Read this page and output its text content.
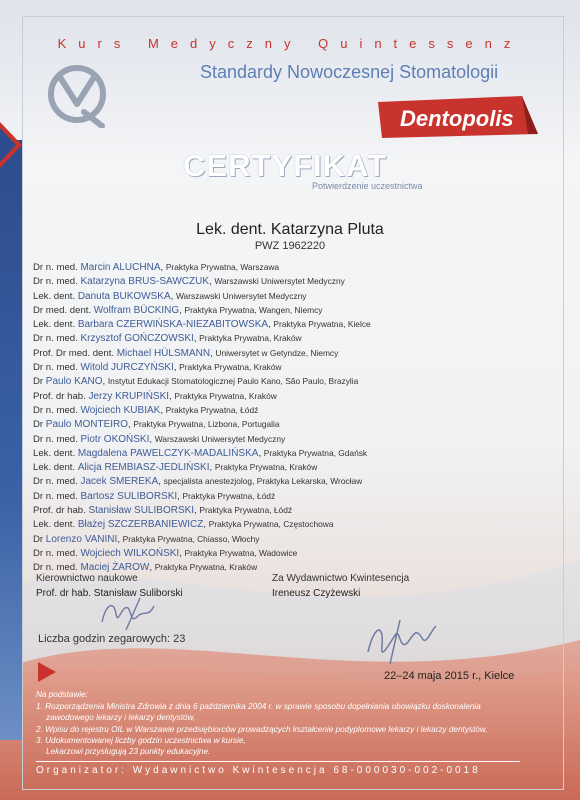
Kurs Medyczny Quintessenz
Standardy Nowoczesnej Stomatologii
Dentopolis
CERTYFIKAT
Potwierdzenie uczestnictwa
Lek. dent. Katarzyna Pluta
PWZ 1962220
Dr n. med. Marcin ALUCHNA, Praktyka Prywatna, Warszawa
Dr n. med. Katarzyna BRUS-SAWCZUK, Warszawski Uniwersytet Medyczny
Lek. dent. Danuta BUKOWSKA, Warszawski Uniwersytet Medyczny
Dr med. dent. Wolfram BÜCKING, Praktyka Prywatna, Wangen, Niemcy
Lek. dent. Barbara CZERWIŃSKA-NIEZABITOWSKA, Praktyka Prywatna, Kielce
Dr n. med. Krzysztof GOŃCZOWSKI, Praktyka Prywatna, Kraków
Prof. Dr med. dent. Michael HÜLSMANN, Uniwersytet w Getyndze, Niemcy
Dr n. med. Witold JURCZYŃSKI, Praktyka Prywatna, Kraków
Dr Paulo KANO, Instytut Edukacji Stomatologicznej Paulo Kano, São Paulo, Brazylia
Prof. dr hab. Jerzy KRUPIŃSKI, Praktyka Prywatna, Kraków
Dr n. med. Wojciech KUBIAK, Praktyka Prywatna, Łódź
Dr Paulo MONTEIRO, Praktyka Prywatna, Lizbona, Portugalia
Dr n. med. Piotr OKOŃSKI, Warszawski Uniwersytet Medyczny
Lek. dent. Magdalena PAWELCZYK-MADALIŃSKA, Praktyka Prywatna, Gdańsk
Lek. dent. Alicja REMBIASZ-JEDLIŃSKI, Praktyka Prywatna, Kraków
Dr n. med. Jacek SMEREKA, specjalista anestezjolog, Praktyka Lekarska, Wrocław
Dr n. med. Bartosz SULIBORSKI, Praktyka Prywatna, Łódź
Prof. dr hab. Stanisław SULIBORSKI, Praktyka Prywatna, Łódź
Lek. dent. Błażej SZCZERBANIEWICZ, Praktyka Prywatna, Częstochowa
Dr Lorenzo VANINI, Praktyka Prywatna, Chiasso, Włochy
Dr n. med. Wojciech WILKOŃSKI, Praktyka Prywatna, Wadowice
Dr n. med. Maciej ŻAROW, Praktyka Prywatna, Kraków
Kierownictwo naukowe
Prof. dr hab. Stanisław Suliborski
Za Wydawnictwo Kwintesencja
Ireneusz Czyżewski
Liczba godzin zegarowych: 23
22–24 maja 2015 r., Kielce
Na podstawie:
1. Rozporządzenia Ministra Zdrowia z dnia 6 października 2004 r. w sprawie sposobu dopełniania obowiązku doskonalenia
zawodowego lekarzy i lekarzy dentystów,
2. Wpisu do rejestru OIL w Warszawie przedsiębiorców prowadzących kształcenie podyplomowe lekarzy i lekarzy dentystów,
3. Udokumentowanej liczby godzin uczestnictwa w kursie,
Lekarzowi przysługują 23 punkty edukacyjne.
Organizator: Wydawnictwo Kwintesencja 68-000030-002-0018
